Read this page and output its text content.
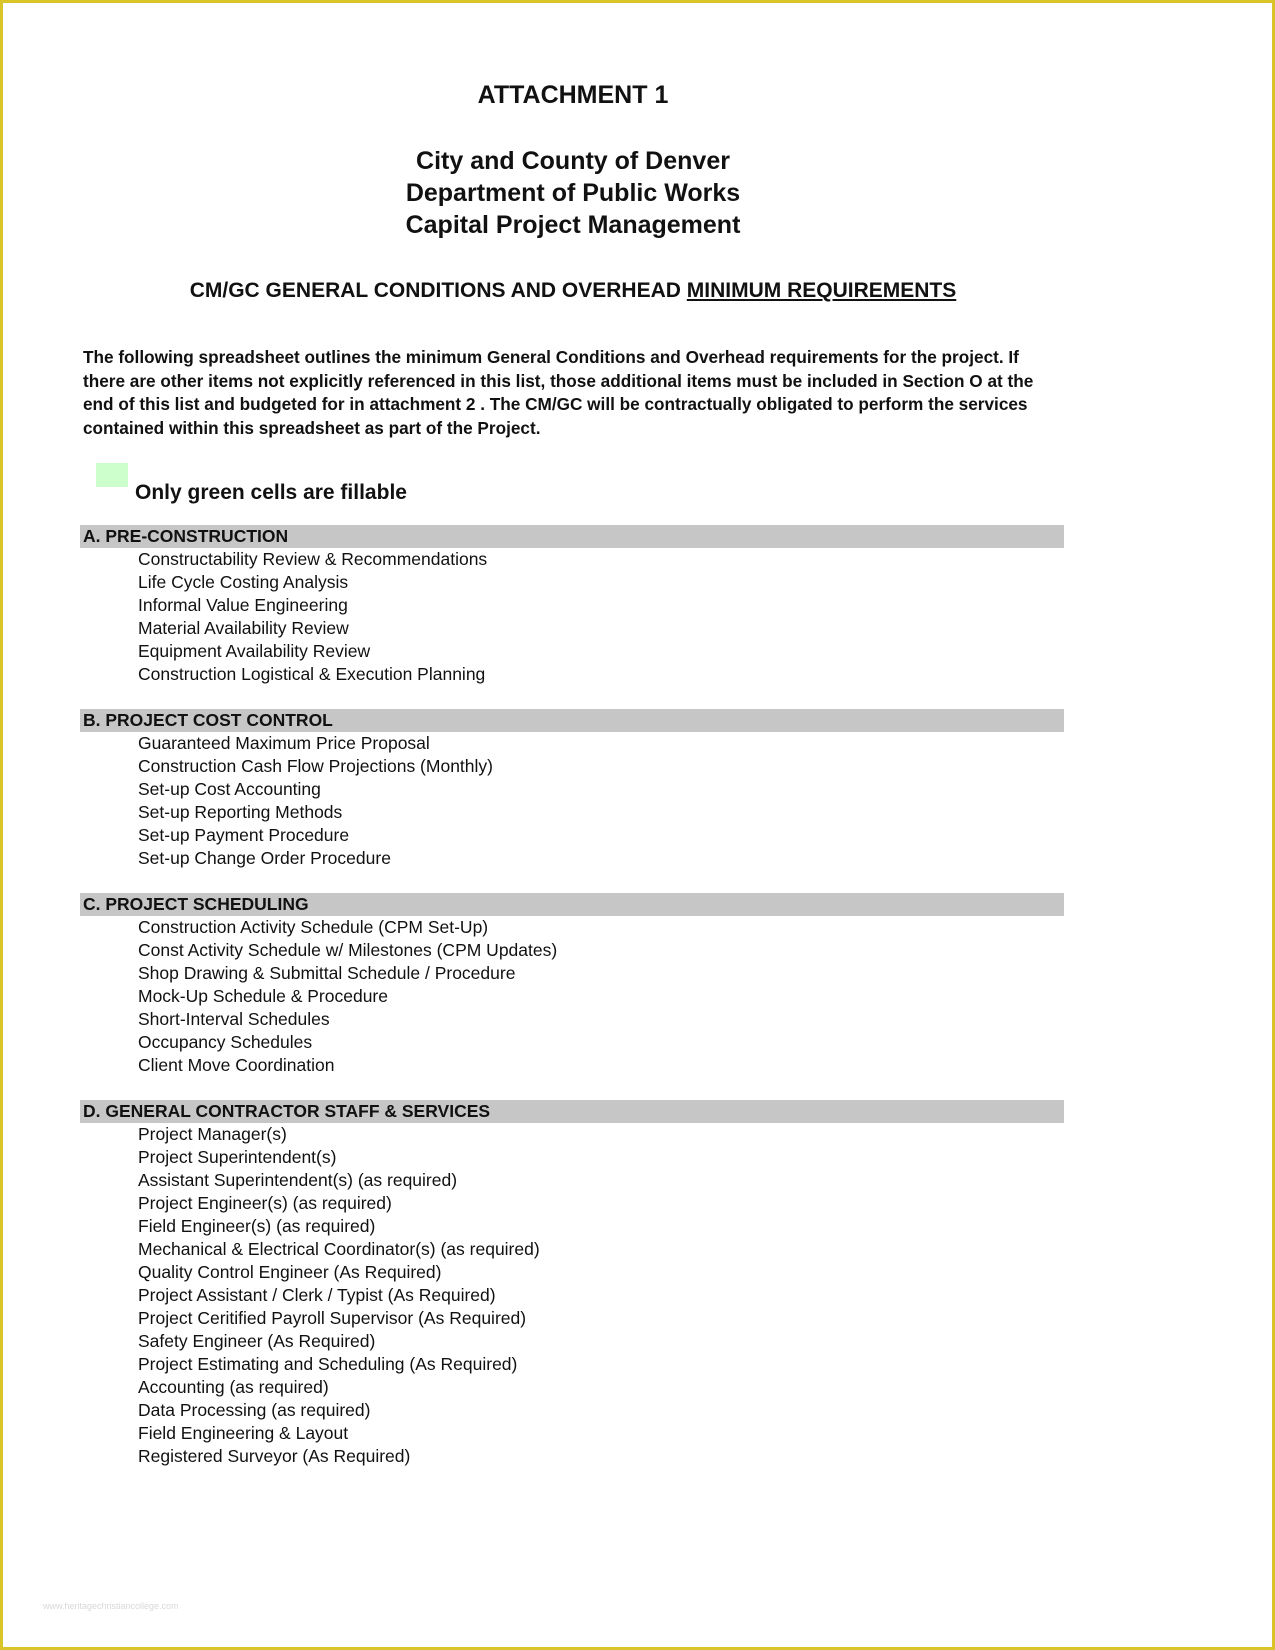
ATTACHMENT 1
City and County of Denver
Department of Public Works
Capital Project Management
CM/GC GENERAL CONDITIONS AND OVERHEAD MINIMUM REQUIREMENTS
The following spreadsheet outlines the minimum General Conditions and Overhead requirements for the project. If there are other items not explicitly referenced in this list, those additional items must be included in Section O at the end of this list and budgeted for in attachment 2 . The CM/GC will be contractually obligated to perform the services contained within this spreadsheet as part of the Project.
Only green cells are fillable
A. PRE-CONSTRUCTION
Constructability Review & Recommendations
Life Cycle Costing Analysis
Informal Value Engineering
Material Availability Review
Equipment Availability Review
Construction Logistical & Execution Planning
B. PROJECT COST CONTROL
Guaranteed Maximum Price Proposal
Construction Cash Flow Projections (Monthly)
Set-up Cost Accounting
Set-up Reporting Methods
Set-up Payment Procedure
Set-up Change Order Procedure
C. PROJECT SCHEDULING
Construction Activity Schedule (CPM Set-Up)
Const Activity Schedule w/ Milestones (CPM Updates)
Shop Drawing & Submittal Schedule / Procedure
Mock-Up Schedule & Procedure
Short-Interval Schedules
Occupancy Schedules
Client Move Coordination
D. GENERAL CONTRACTOR STAFF & SERVICES
Project Manager(s)
Project Superintendent(s)
Assistant Superintendent(s) (as required)
Project Engineer(s) (as required)
Field Engineer(s) (as required)
Mechanical & Electrical Coordinator(s) (as required)
Quality Control Engineer (As Required)
Project Assistant / Clerk / Typist (As Required)
Project Ceritified Payroll Supervisor (As Required)
Safety Engineer (As Required)
Project Estimating and Scheduling (As Required)
Accounting (as required)
Data Processing (as required)
Field Engineering & Layout
Registered Surveyor (As Required)
www.heritagechristiancollege.com
